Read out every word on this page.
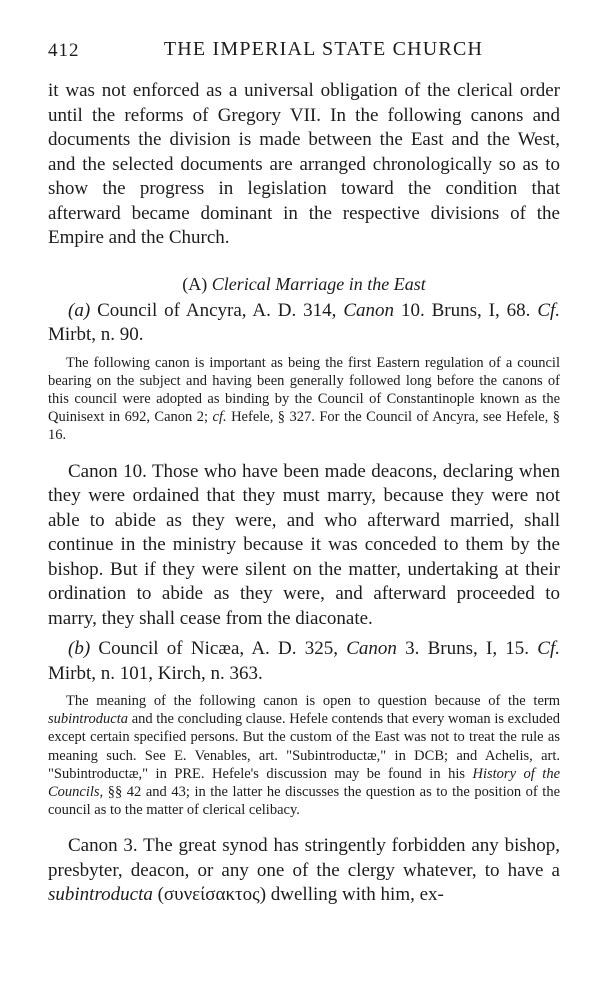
412	THE IMPERIAL STATE CHURCH

it was not enforced as a universal obligation of the clerical order until the reforms of Gregory VII. In the following canons and documents the division is made between the East and the West, and the selected documents are arranged chronologically so as to show the progress in legislation toward the condition that afterward became dominant in the respective divisions of the Empire and the Church.

(A) Clerical Marriage in the East

(a) Council of Ancyra, A. D. 314, Canon 10. Bruns, I, 68. Cf. Mirbt, n. 90.

The following canon is important as being the first Eastern regulation of a council bearing on the subject and having been generally followed long before the canons of this council were adopted as binding by the Council of Constantinople known as the Quinisext in 692, Canon 2; cf. Hefele, § 327. For the Council of Ancyra, see Hefele, § 16.

Canon 10. Those who have been made deacons, declaring when they were ordained that they must marry, because they were not able to abide as they were, and who afterward married, shall continue in the ministry because it was conceded to them by the bishop. But if they were silent on the matter, undertaking at their ordination to abide as they were, and afterward proceeded to marry, they shall cease from the diaconate.

(b) Council of Nicæa, A. D. 325, Canon 3. Bruns, I, 15. Cf. Mirbt, n. 101, Kirch, n. 363.

The meaning of the following canon is open to question because of the term subintroducta and the concluding clause. Hefele contends that every woman is excluded except certain specified persons. But the custom of the East was not to treat the rule as meaning such. See E. Venables, art. "Subintroductæ," in DCB; and Achelis, art. "Subintroductæ," in PRE. Hefele's discussion may be found in his History of the Councils, §§ 42 and 43; in the latter he discusses the question as to the position of the council as to the matter of clerical celibacy.

Canon 3. The great synod has stringently forbidden any bishop, presbyter, deacon, or any one of the clergy whatever, to have a subintroducta (συνείσακτος) dwelling with him, ex-
